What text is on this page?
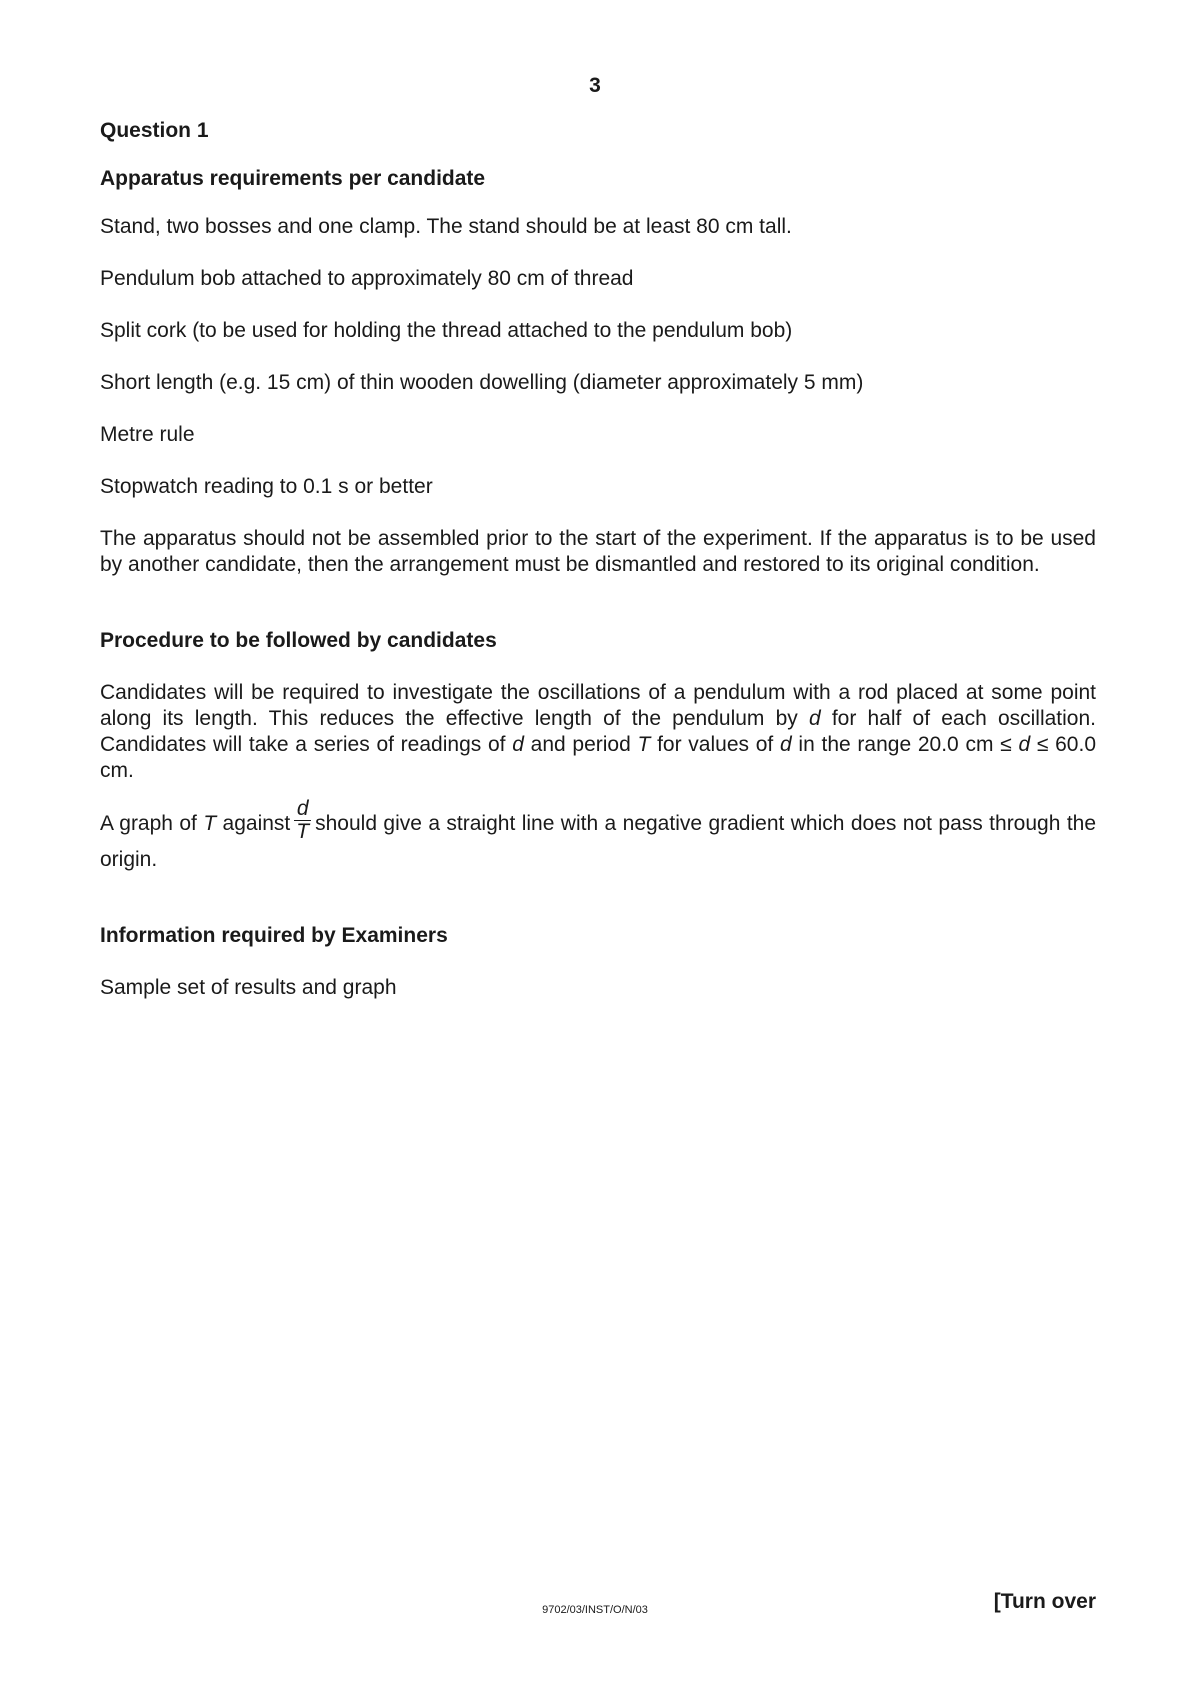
3

Question 1

Apparatus requirements per candidate

Stand, two bosses and one clamp. The stand should be at least 80 cm tall.

Pendulum bob attached to approximately 80 cm of thread

Split cork (to be used for holding the thread attached to the pendulum bob)

Short length (e.g. 15 cm) of thin wooden dowelling (diameter approximately 5 mm)

Metre rule

Stopwatch reading to 0.1 s or better

The apparatus should not be assembled prior to the start of the experiment. If the apparatus is to be used by another candidate, then the arrangement must be dismantled and restored to its original condition.

Procedure to be followed by candidates

Candidates will be required to investigate the oscillations of a pendulum with a rod placed at some point along its length. This reduces the effective length of the pendulum by d for half of each oscillation. Candidates will take a series of readings of d and period T for values of d in the range 20.0 cm ≤ d ≤ 60.0 cm.

A graph of T against $\frac{d}{T}$ should give a straight line with a negative gradient which does not pass through the origin.

Information required by Examiners

Sample set of results and graph

9702/03/INST/O/N/03	[Turn over
